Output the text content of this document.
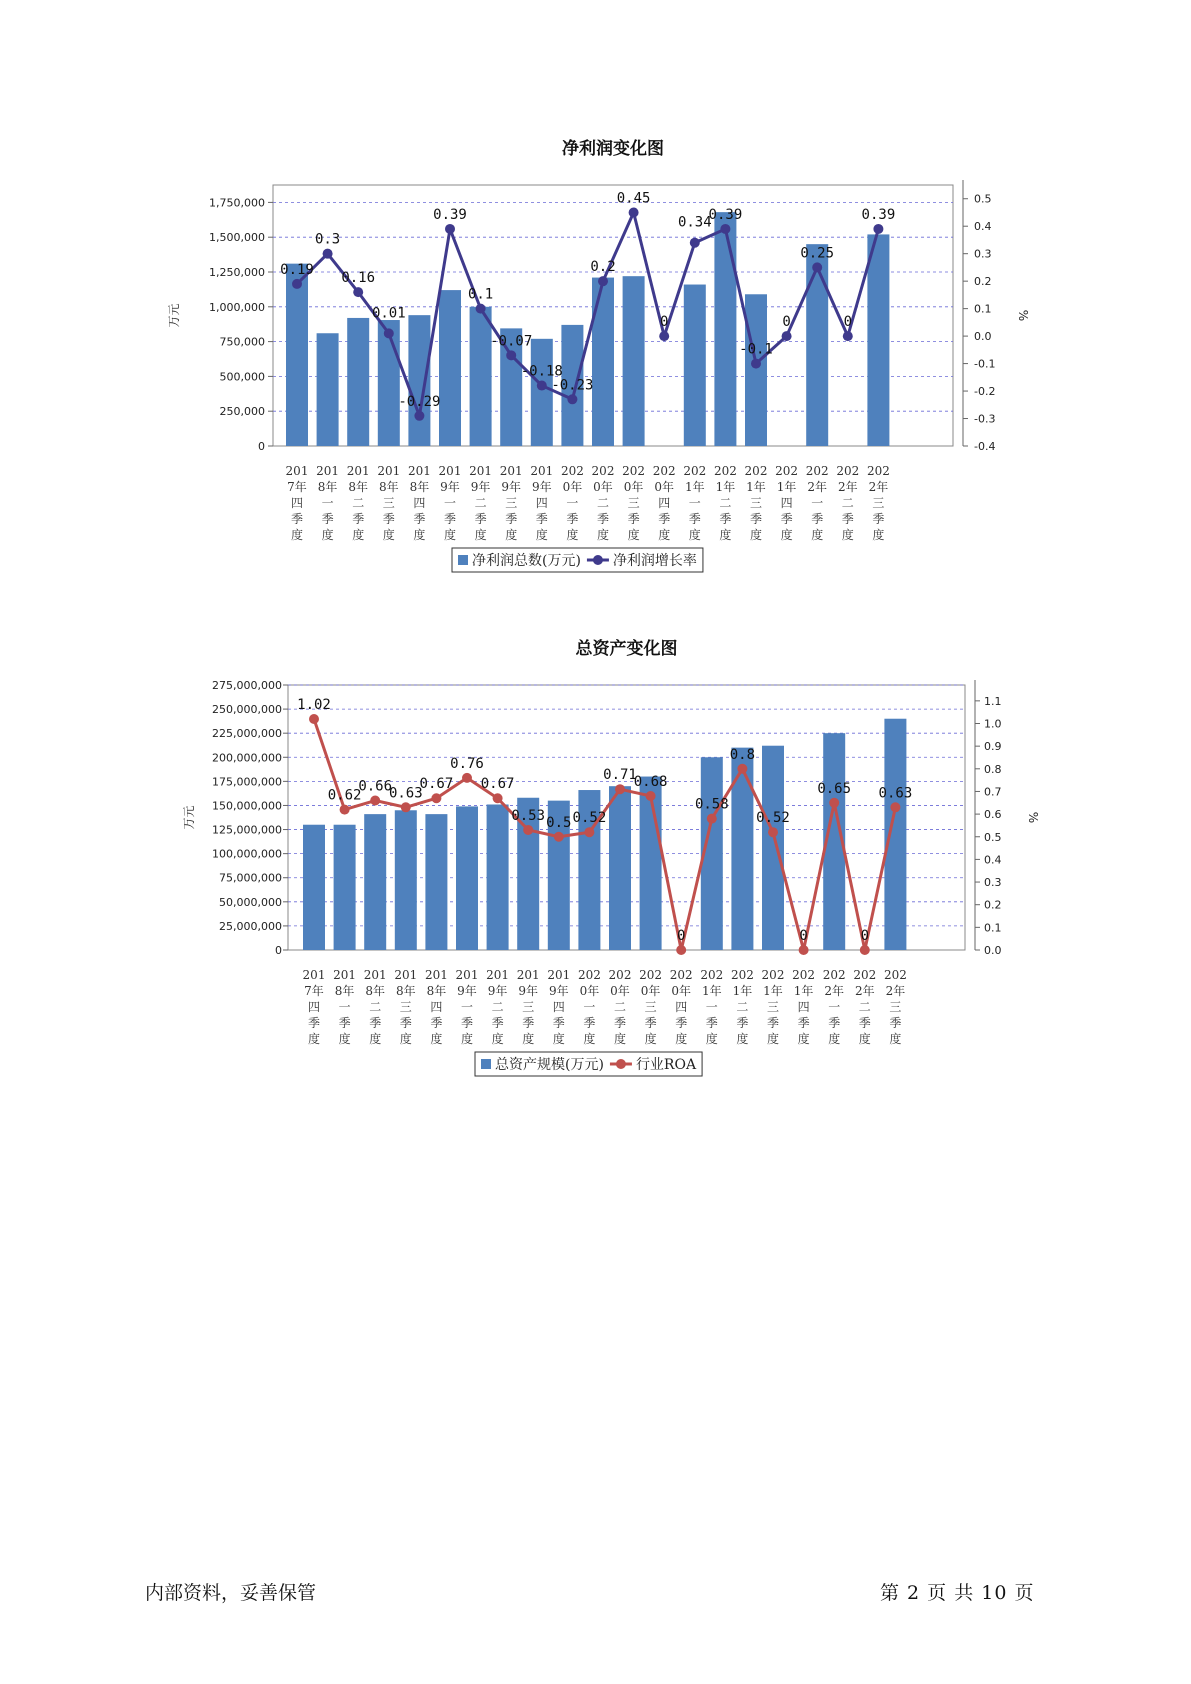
净利润变化图
0
250,000
500,000
750,000
1,000,000
1,250,000
1,500,000
1,750,000
万元
-0.4
-0.3
-0.2
-0.1
0.0
0.1
0.2
0.3
0.4
0.5
%
0.19
0.3
0.16
0.01
-0.29
0.39
0.1
-0.07
-0.18
-0.23
0.2
0.45
0
0.34
0.39
-0.1
0
0.25
0
0.39
201 7年四季度
201 8年一季度
201 8年二季度
201 8年三季度
201 8年四季度
201 9年一季度
201 9年二季度
201 9年三季度
201 9年四季度
202 0年一季度
202 0年二季度
202 0年三季度
202 0年四季度
202 1年一季度
202 1年二季度
202 1年三季度
202 1年四季度
202 2年一季度
202 2年二季度
202 2年三季度
净利润总数(万元) 净利润增长率
总资产变化图
0
25,000,000
50,000,000
75,000,000
100,000,000
125,000,000
150,000,000
175,000,000
200,000,000
225,000,000
250,000,000
275,000,000
万元
0.0
0.1
0.2
0.3
0.4
0.5
0.6
0.7
0.8
0.9
1.0
1.1
%
1.02
0.62
0.66
0.63
0.67
0.76
0.67
0.53 0.5 0.52
0.71
0.68
0
0.58
0.8
0.52
0
0.65
0
0.63
201 7年四季度
201 8年一季度
201 8年二季度
201 8年三季度
201 8年四季度
201 9年一季度
201 9年二季度
201 9年三季度
201 9年四季度
202 0年一季度
202 0年二季度
202 0年三季度
202 0年四季度
202 1年一季度
202 1年二季度
202 1年三季度
202 1年四季度
202 2年一季度
202 2年二季度
202 2年三季度
总资产规模(万元) 行业ROA
内部资料，妥善保管	第 2 页 共 10 页
